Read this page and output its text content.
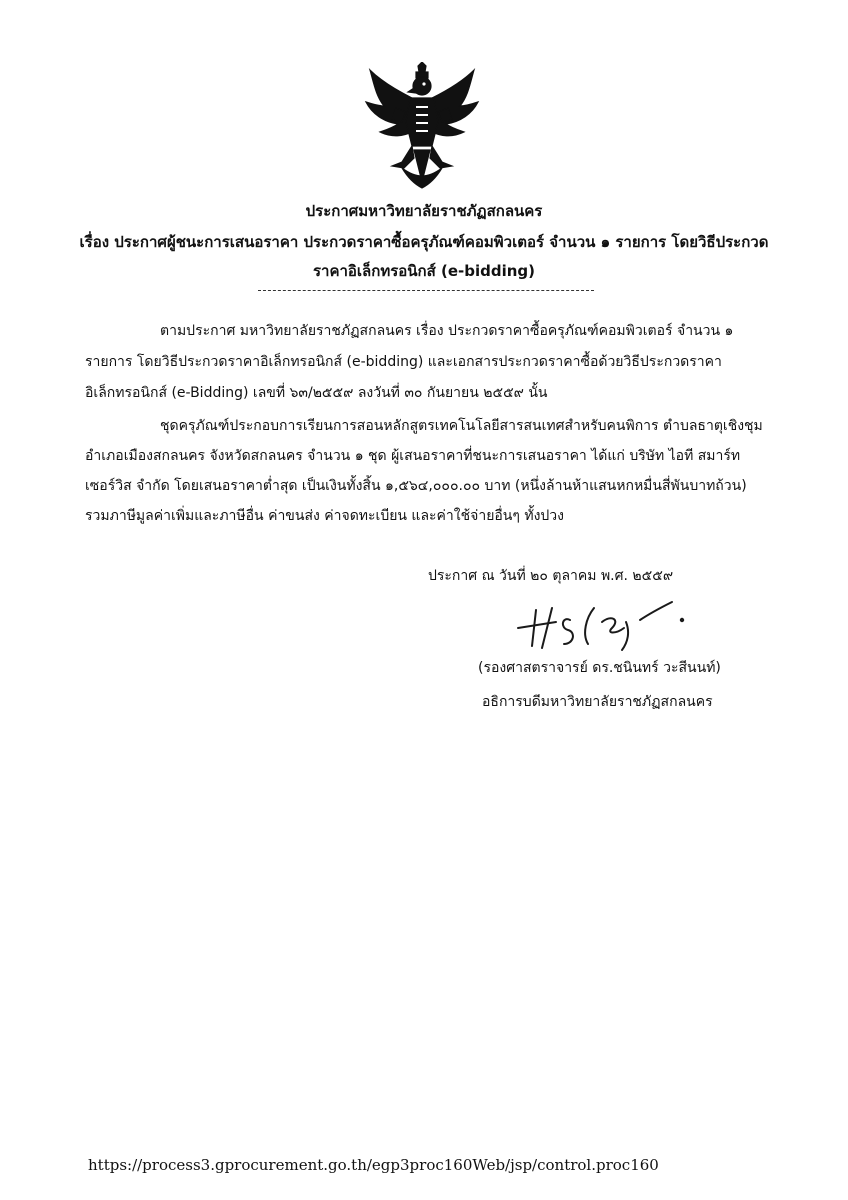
ประกาศมหาวิทยาลัยราชภัฏสกลนคร
เรื่อง ประกาศผู้ชนะการเสนอราคา ประกวดราคาซื้อครุภัณฑ์คอมพิวเตอร์ จำนวน ๑ รายการ โดยวิธีประกวด
ราคาอิเล็กทรอนิกส์ (e-bidding)
ตามประกาศ มหาวิทยาลัยราชภัฏสกลนคร เรื่อง ประกวดราคาซื้อครุภัณฑ์คอมพิวเตอร์ จำนวน ๑
รายการ โดยวิธีประกวดราคาอิเล็กทรอนิกส์ (e-bidding) และเอกสารประกวดราคาซื้อด้วยวิธีประกวดราคา
อิเล็กทรอนิกส์ (e-Bidding) เลขที่ ๖๓/๒๕๕๙ ลงวันที่ ๓๐ กันยายน ๒๕๕๙ นั้น
ชุดครุภัณฑ์ประกอบการเรียนการสอนหลักสูตรเทคโนโลยีสารสนเทศสำหรับคนพิการ ตำบลธาตุเชิงชุม
อำเภอเมืองสกลนคร จังหวัดสกลนคร จำนวน ๑ ชุด ผู้เสนอราคาที่ชนะการเสนอราคา ได้แก่ บริษัท ไอที สมาร์ท
เซอร์วิส จำกัด โดยเสนอราคาต่ำสุด เป็นเงินทั้งสิ้น ๑,๕๖๔,๐๐๐.๐๐ บาท (หนึ่งล้านห้าแสนหกหมื่นสี่พันบาทถ้วน)
รวมภาษีมูลค่าเพิ่มและภาษีอื่น ค่าขนส่ง ค่าจดทะเบียน และค่าใช้จ่ายอื่นๆ ทั้งปวง
ประกาศ ณ วันที่ ๒๐ ตุลาคม พ.ศ. ๒๕๕๙
(รองศาสตราจารย์ ดร.ชนินทร์ วะสีนนท์)
อธิการบดีมหาวิทยาลัยราชภัฏสกลนคร
https://process3.gprocurement.go.th/egp3proc160Web/jsp/control.proc160
